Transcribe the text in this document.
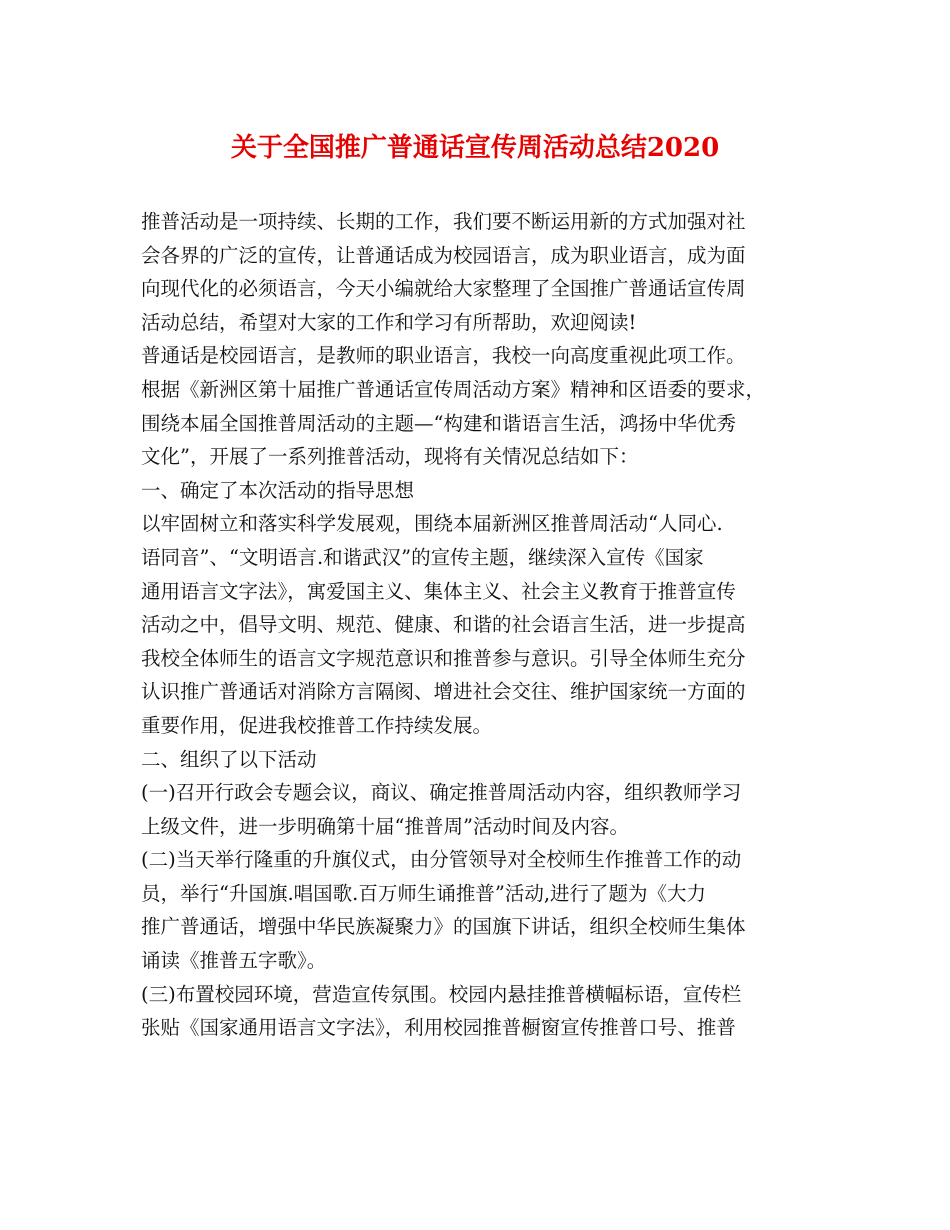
关于全国推广普通话宣传周活动总结2020

推普活动是一项持续、长期的工作，我们要不断运用新的方式加强对社
会各界的广泛的宣传，让普通话成为校园语言，成为职业语言，成为面
向现代化的必须语言，今天小编就给大家整理了全国推广普通话宣传周
活动总结，希望对大家的工作和学习有所帮助，欢迎阅读!

普通话是校园语言，是教师的职业语言，我校一向高度重视此项工作。
根据《新洲区第十届推广普通话宣传周活动方案》精神和区语委的要求，
围绕本届全国推普周活动的主题—“构建和谐语言生活，鸿扬中华优秀
文化”，开展了一系列推普活动，现将有关情况总结如下：

一、确定了本次活动的指导思想

以牢固树立和落实科学发展观，围绕本届新洲区推普周活动“人同心.
语同音”、“文明语言.和谐武汉”的宣传主题，继续深入宣传《国家
通用语言文字法》，寓爱国主义、集体主义、社会主义教育于推普宣传
活动之中，倡导文明、规范、健康、和谐的社会语言生活，进一步提高
我校全体师生的语言文字规范意识和推普参与意识。引导全体师生充分
认识推广普通话对消除方言隔阂、增进社会交往、维护国家统一方面的
重要作用，促进我校推普工作持续发展。

二、组织了以下活动

(一)召开行政会专题会议，商议、确定推普周活动内容，组织教师学习
上级文件，进一步明确第十届“推普周”活动时间及内容。

(二)当天举行隆重的升旗仪式，由分管领导对全校师生作推普工作的动
员，举行“升国旗.唱国歌.百万师生诵推普”活动,进行了题为《大力
推广普通话，增强中华民族凝聚力》的国旗下讲话，组织全校师生集体
诵读《推普五字歌》。

(三)布置校园环境，营造宣传氛围。校园内悬挂推普横幅标语，宣传栏
张贴《国家通用语言文字法》，利用校园推普橱窗宣传推普口号、推普
